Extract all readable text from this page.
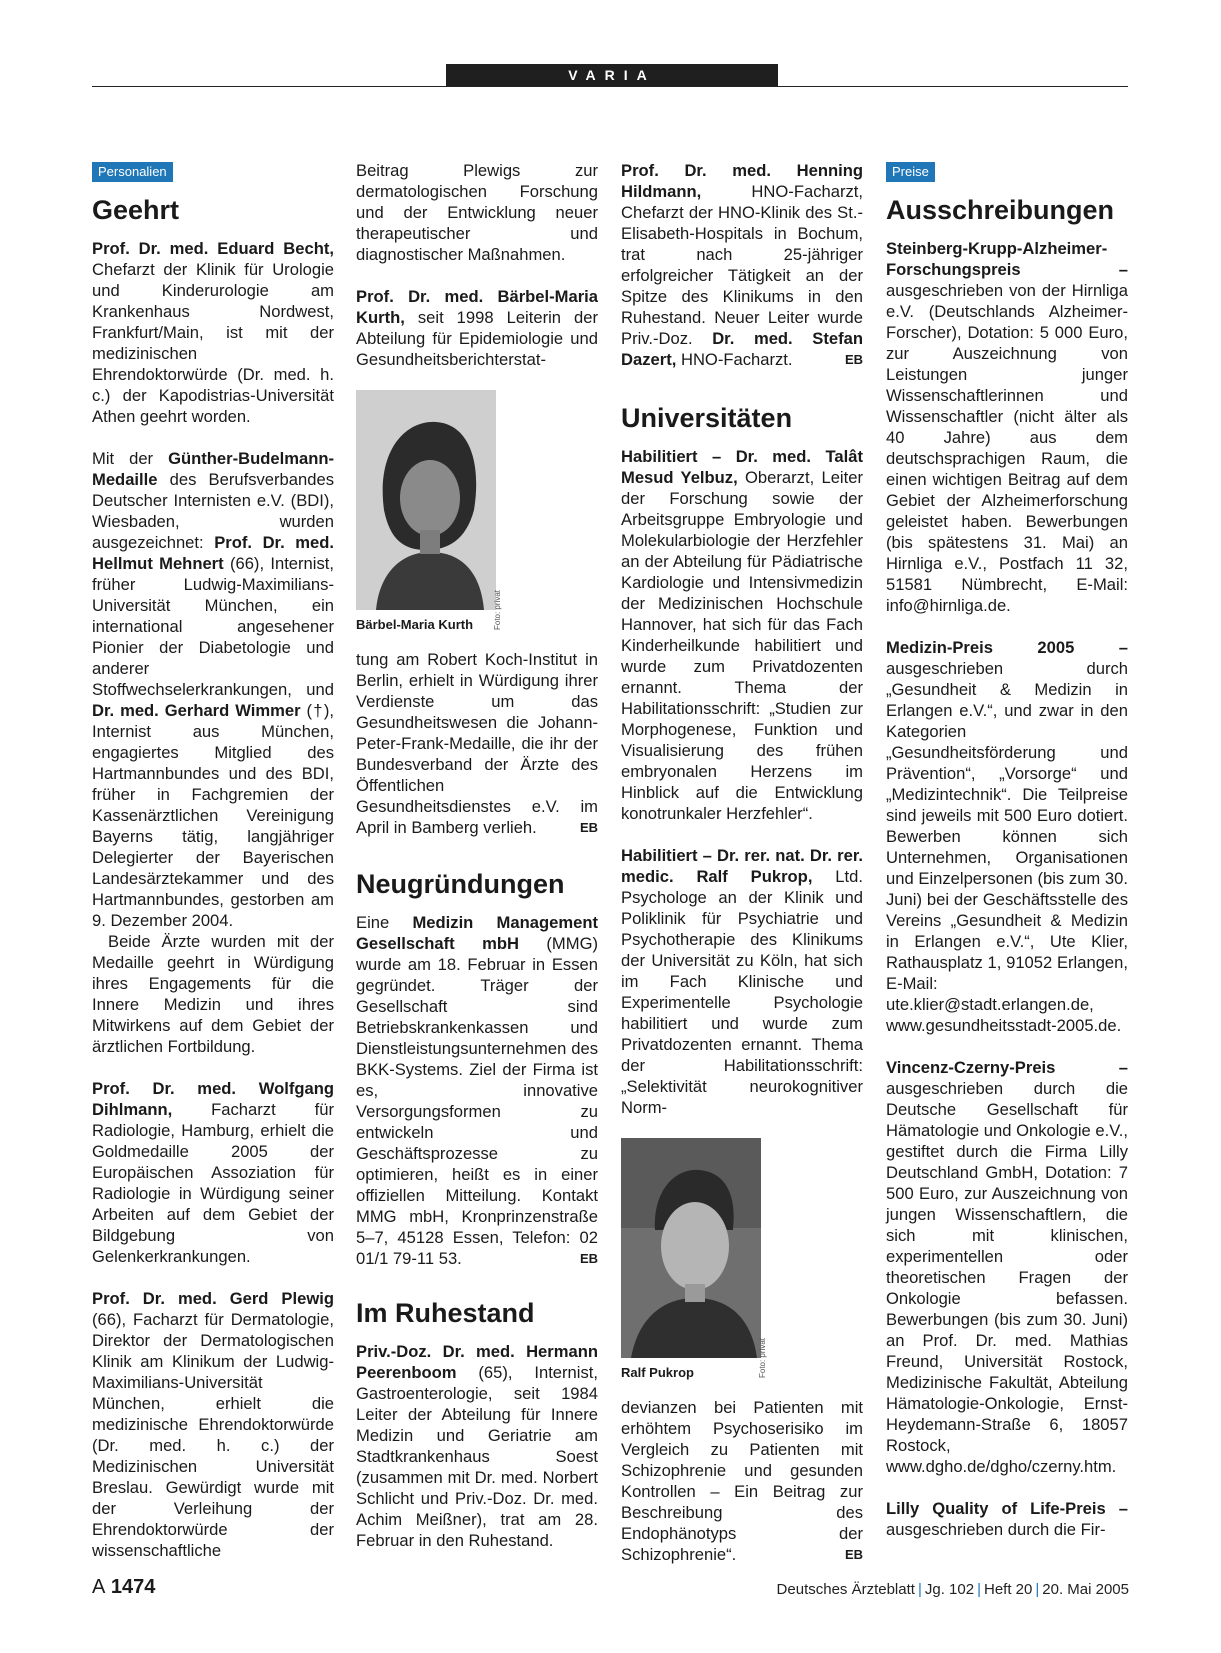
VARIA
Personalien
Geehrt

Prof. Dr. med. Eduard Becht, Chefarzt der Klinik für Urologie und Kinderurologie am Krankenhaus Nordwest, Frankfurt/Main, ist mit der medizinischen Ehrendoktorwürde (Dr. med. h. c.) der Kapodistrias-Universität Athen geehrt worden.

Mit der Günther-Budelmann-Medaille des Berufsverbandes Deutscher Internisten e.V. (BDI), Wiesbaden, wurden ausgezeichnet: Prof. Dr. med. Hellmut Mehnert (66), Internist, früher Ludwig-Maximilians-Universität München, ein international angesehener Pionier der Diabetologie und anderer Stoffwechselerkrankungen, und Dr. med. Gerhard Wimmer (†), Internist aus München, engagiertes Mitglied des Hartmannbundes und des BDI, früher in Fachgremien der Kassenärztlichen Vereinigung Bayerns tätig, langjähriger Delegierter der Bayerischen Landesärztekammer und des Hartmannbundes, gestorben am 9. Dezember 2004.

Beide Ärzte wurden mit der Medaille geehrt in Würdigung ihres Engagements für die Innere Medizin und ihres Mitwirkens auf dem Gebiet der ärztlichen Fortbildung.

Prof. Dr. med. Wolfgang Dihlmann, Facharzt für Radiologie, Hamburg, erhielt die Goldmedaille 2005 der Europäischen Assoziation für Radiologie in Würdigung seiner Arbeiten auf dem Gebiet der Bildgebung von Gelenkerkrankungen.

Prof. Dr. med. Gerd Plewig (66), Facharzt für Dermatologie, Direktor der Dermatologischen Klinik am Klinikum der Ludwig-Maximilians-Universität München, erhielt die medizinische Ehrendoktorwürde (Dr. med. h. c.) der Medizinischen Universität Breslau. Gewürdigt wurde mit der Verleihung der Ehrendoktorwürde der wissenschaftliche

Beitrag Plewigs zur dermatologischen Forschung und der Entwicklung neuer therapeutischer und diagnostischer Maßnahmen.

Prof. Dr. med. Bärbel-Maria Kurth, seit 1998 Leiterin der Abteilung für Epidemiologie und Gesundheitsberichterstat-

Foto: privat
Bärbel-Maria Kurth

tung am Robert Koch-Institut in Berlin, erhielt in Würdigung ihrer Verdienste um das Gesundheitswesen die Johann-Peter-Frank-Medaille, die ihr der Bundesverband der Ärzte des Öffentlichen Gesundheitsdienstes e.V. im April in Bamberg verlieh.	EB

Neugründungen

Eine Medizin Management Gesellschaft mbH (MMG) wurde am 18. Februar in Essen gegründet. Träger der Gesellschaft sind Betriebskrankenkassen und Dienstleistungsunternehmen des BKK-Systems. Ziel der Firma ist es, innovative Versorgungsformen zu entwickeln und Geschäftsprozesse zu optimieren, heißt es in einer offiziellen Mitteilung. Kontakt MMG mbH, Kronprinzenstraße 5–7, 45128 Essen, Telefon: 02 01/1 79-11 53.	EB

Im Ruhestand

Priv.-Doz. Dr. med. Hermann Peerenboom (65), Internist, Gastroenterologie, seit 1984 Leiter der Abteilung für Innere Medizin und Geriatrie am Stadtkrankenhaus Soest (zusammen mit Dr. med. Norbert Schlicht und Priv.-Doz. Dr. med. Achim Meißner), trat am 28. Februar in den Ruhestand.

Prof. Dr. med. Henning Hildmann, HNO-Facharzt, Chefarzt der HNO-Klinik des St.-Elisabeth-Hospitals in Bochum, trat nach 25-jähriger erfolgreicher Tätigkeit an der Spitze des Klinikums in den Ruhestand. Neuer Leiter wurde Priv.-Doz. Dr. med. Stefan Dazert, HNO-Facharzt.	EB

Universitäten

Habilitiert – Dr. med. Talât Mesud Yelbuz, Oberarzt, Leiter der Forschung sowie der Arbeitsgruppe Embryologie und Molekularbiologie der Herzfehler an der Abteilung für Pädiatrische Kardiologie und Intensivmedizin der Medizinischen Hochschule Hannover, hat sich für das Fach Kinderheilkunde habilitiert und wurde zum Privatdozenten ernannt. Thema der Habilitationsschrift: „Studien zur Morphogenese, Funktion und Visualisierung des frühen embryonalen Herzens im Hinblick auf die Entwicklung konotrunkaler Herzfehler“.

Habilitiert – Dr. rer. nat. Dr. rer. medic. Ralf Pukrop, Ltd. Psychologe an der Klinik und Poliklinik für Psychiatrie und Psychotherapie des Klinikums der Universität zu Köln, hat sich im Fach Klinische und Experimentelle Psychologie habilitiert und wurde zum Privatdozenten ernannt. Thema der Habilitationsschrift: „Selektivität neurokognitiver Norm-

Foto: privat
Ralf Pukrop

devianzen bei Patienten mit erhöhtem Psychoserisiko im Vergleich zu Patienten mit Schizophrenie und gesunden Kontrollen – Ein Beitrag zur Beschreibung des Endophänotyps der Schizophrenie“.	EB

Preise
Ausschreibungen

Steinberg-Krupp-Alzheimer-Forschungspreis – ausgeschrieben von der Hirnliga e.V. (Deutschlands Alzheimer-Forscher), Dotation: 5 000 Euro, zur Auszeichnung von Leistungen junger Wissenschaftlerinnen und Wissenschaftler (nicht älter als 40 Jahre) aus dem deutschsprachigen Raum, die einen wichtigen Beitrag auf dem Gebiet der Alzheimerforschung geleistet haben. Bewerbungen (bis spätestens 31. Mai) an Hirnliga e.V., Postfach 11 32, 51581 Nümbrecht, E-Mail: info@hirnliga.de.

Medizin-Preis 2005 – ausgeschrieben durch „Gesundheit & Medizin in Erlangen e.V.“, und zwar in den Kategorien „Gesundheitsförderung und Prävention“, „Vorsorge“ und „Medizintechnik“. Die Teilpreise sind jeweils mit 500 Euro dotiert. Bewerben können sich Unternehmen, Organisationen und Einzelpersonen (bis zum 30. Juni) bei der Geschäftsstelle des Vereins „Gesundheit & Medizin in Erlangen e.V.“, Ute Klier, Rathausplatz 1, 91052 Erlangen, E-Mail: ute.klier@stadt.erlangen.de, www.gesundheitsstadt-2005.de.

Vincenz-Czerny-Preis – ausgeschrieben durch die Deutsche Gesellschaft für Hämatologie und Onkologie e.V., gestiftet durch die Firma Lilly Deutschland GmbH, Dotation: 7 500 Euro, zur Auszeichnung von jungen Wissenschaftlern, die sich mit klinischen, experimentellen oder theoretischen Fragen der Onkologie befassen. Bewerbungen (bis zum 30. Juni) an Prof. Dr. med. Mathias Freund, Universität Rostock, Medizinische Fakultät, Abteilung Hämatologie-Onkologie, Ernst-Heydemann-Straße 6, 18057 Rostock, www.dgho.de/dgho/czerny.htm.

Lilly Quality of Life-Preis – ausgeschrieben durch die Fir-

A 1474	Deutsches Ärzteblatt | Jg. 102 | Heft 20 | 20. Mai 2005
